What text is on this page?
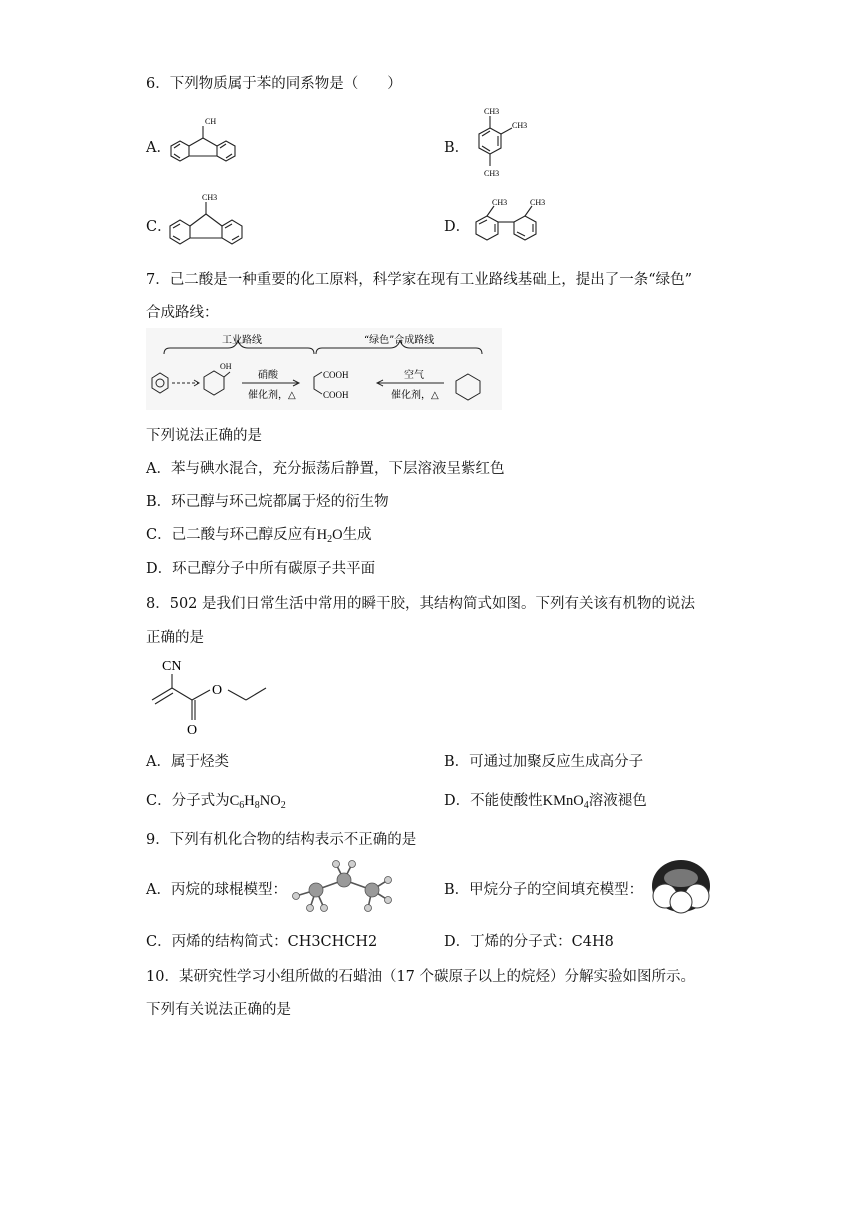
6．下列物质属于苯的同系物是（　　）
A．
CH
B．
CH3
CH3
CH3
C．
CH3
D．
CH3	CH3
7．己二酸是一种重要的化工原料，科学家在现有工业路线基础上，提出了一条“绿色”
合成路线：
工业路线	“绿色”合成路线
OH
硝酸
催化剂，△
COOH
COOH
空气
催化剂，△
下列说法正确的是
A．苯与碘水混合，充分振荡后静置，下层溶液呈紫红色
B．环己醇与环己烷都属于烃的衍生物
C．己二酸与环己醇反应有$H_2O$生成
D．环己醇分子中所有碳原子共平面
8．502 是我们日常生活中常用的瞬干胶，其结构简式如图。下列有关该有机物的说法
正确的是
CN
O
O
A．属于烃类	B．可通过加聚反应生成高分子
C．分子式为$C_6H_8NO_2$	D．不能使酸性KMnO$_4$溶液褪色
9．下列有机化合物的结构表示不正确的是
A．丙烷的球棍模型：	B．甲烷分子的空间填充模型：
C．丙烯的结构简式：CH3CHCH2	D．丁烯的分子式：C4H8
10．某研究性学习小组所做的石蜡油（17 个碳原子以上的烷烃）分解实验如图所示。
下列有关说法正确的是
